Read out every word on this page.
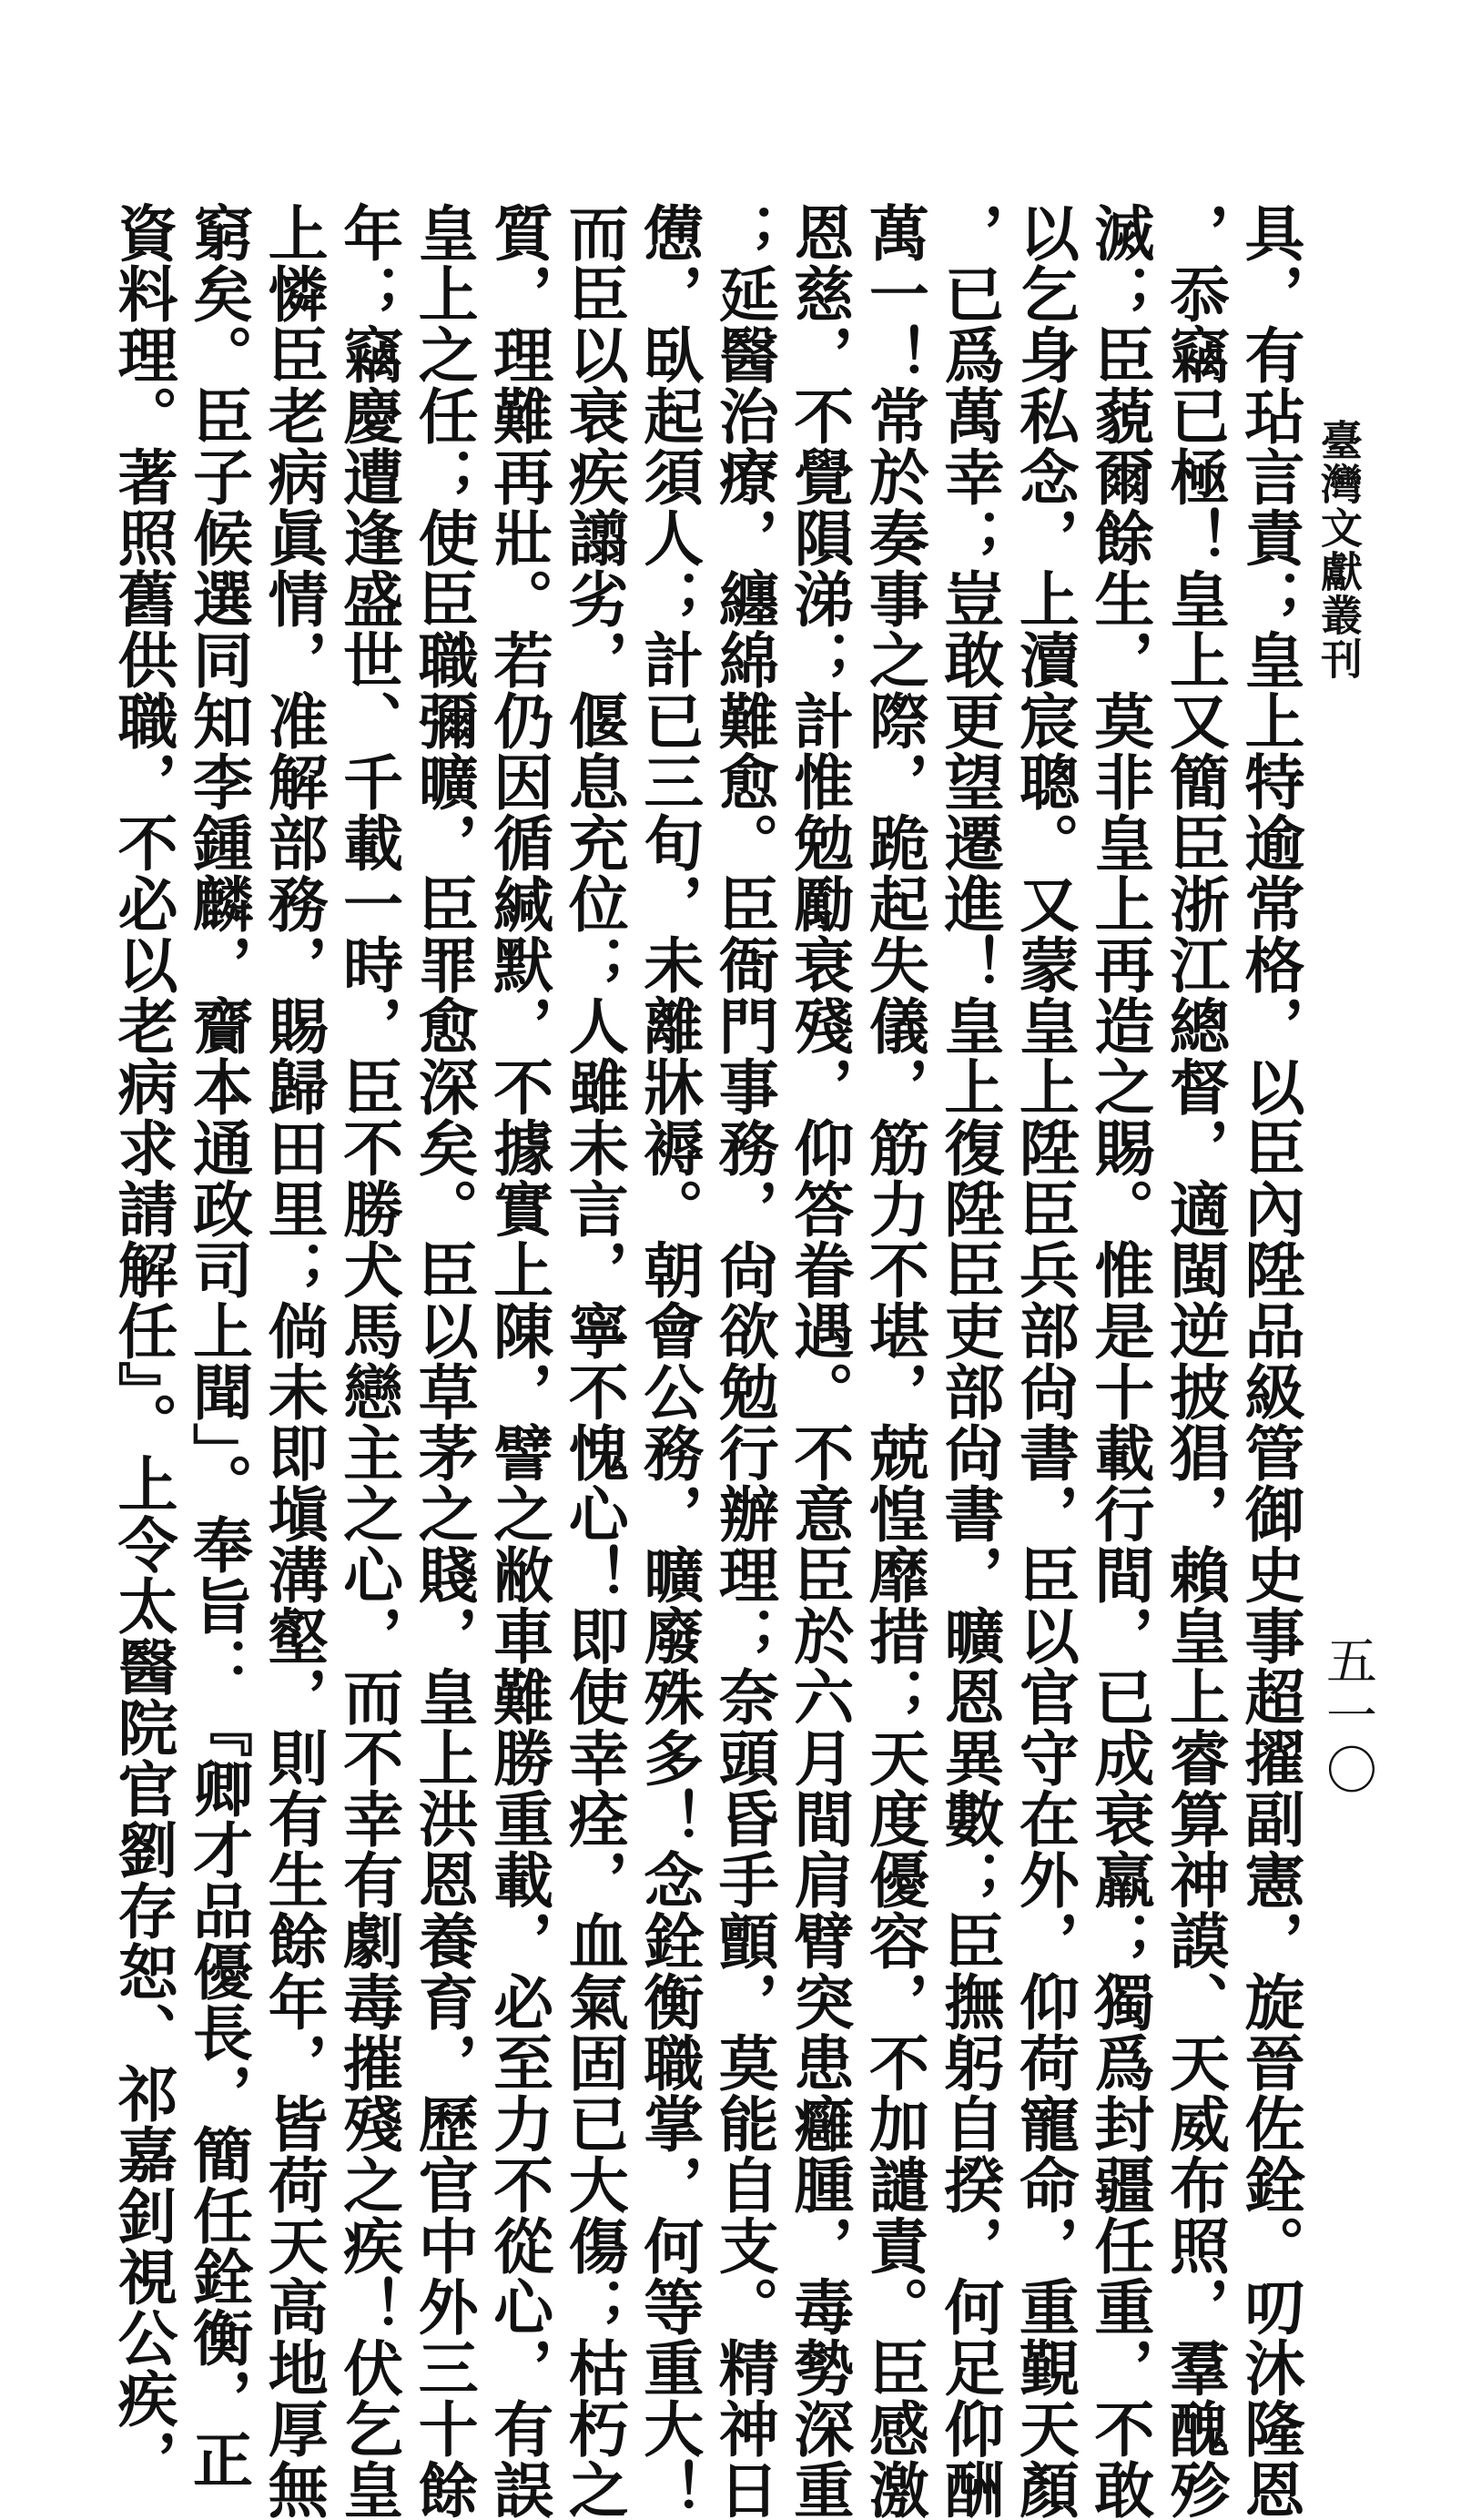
臺灣文獻叢刊
五一〇
具，有玷言責；皇上特逾常格，以臣內陞品級管御史事超擢副憲，旋晉佐銓。叨沐隆恩
，忝竊已極！皇上又簡臣浙江總督，適閩逆披猖，賴皇上睿算神謨、天威布照，羣醜殄
滅；臣藐爾餘生，莫非皇上再造之賜。惟是十載行間，已成衰羸；獨爲封疆任重，不敢
以乞身私念，上瀆宸聰。又蒙皇上陞臣兵部尙書，臣以官守在外，仰荷寵命，重覲天顏
，已爲萬幸；豈敢更望遷進！皇上復陞臣吏部尙書，曠恩異數；臣撫躬自揆，何足仰酬
萬一！常於奏事之際，跪起失儀，筋力不堪，兢惶靡措；天度優容，不加譴責。臣感激
恩慈，不覺隕涕；計惟勉勵衰殘，仰答眷遇。不意臣於六月間肩臂突患癰腫，毒勢深重
；延醫治療，纏綿難愈。臣衙門事務，尙欲勉行辦理；奈頭昏手顫，莫能自支。精神日
憊，臥起須人；計已三旬，未離牀褥。朝會公務，曠廢殊多！念銓衡職掌，何等重大！
而臣以衰疾譾劣，偃息充位；人雖未言，寧不愧心！即使幸痊，血氣固已大傷；枯朽之
質，理難再壯。若仍因循緘默，不據實上陳，譬之敝車難勝重載，必至力不從心，有誤
皇上之任；使臣職彌曠，臣罪愈深矣。臣以草茅之賤，皇上洪恩養育，歷官中外三十餘
年；竊慶遭逢盛世、千載一時，臣不勝犬馬戀主之心，而不幸有劇毒摧殘之疾！伏乞皇
上憐臣老病眞情，准解部務，賜歸田里；倘未即塡溝壑，則有生餘年，皆荷天高地厚無
窮矣。臣子候選同知李鍾麟，齎本通政司上聞」。奉旨：『卿才品優長，簡任銓衡，正
資料理。著照舊供職，不必以老病求請解任』。上令太醫院官劉存恕、祁嘉釗視公疾，
